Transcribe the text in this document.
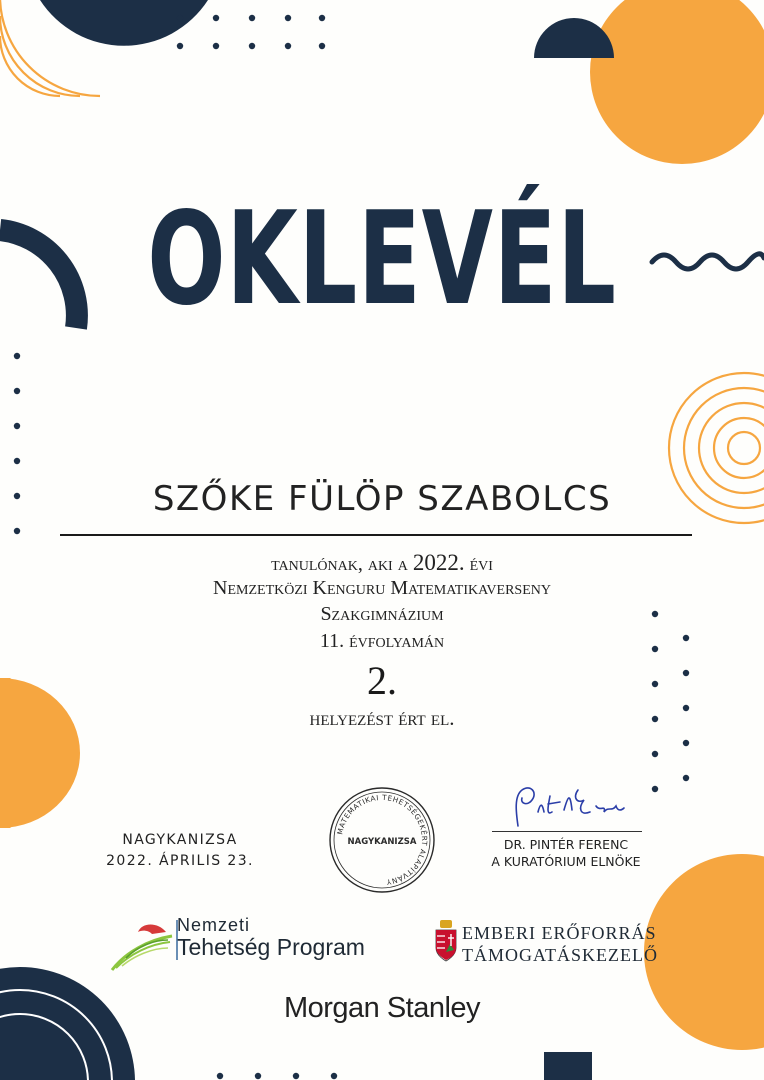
OKLEVÉL
SZŐKE FÜLÖP SZABOLCS
tanulónak, aki a 2022. évi
Nemzetközi Kenguru Matematikaverseny
Szakgimnázium
11. évfolyamán
2.
helyezést ért el.
NAGYKANIZSA
2022. ÁPRILIS 23.
MATEMATIKAI TEHETSÉGEKÉRT ALAPÍTVÁNY
NAGYKANIZSA	DR. PINTÉR FERENC
A KURATÓRIUM ELNÖKE
Nemzeti
Tehetség Program
EMBERI ERŐFORRÁS
TÁMOGATÁSKEZELŐ
Morgan Stanley
